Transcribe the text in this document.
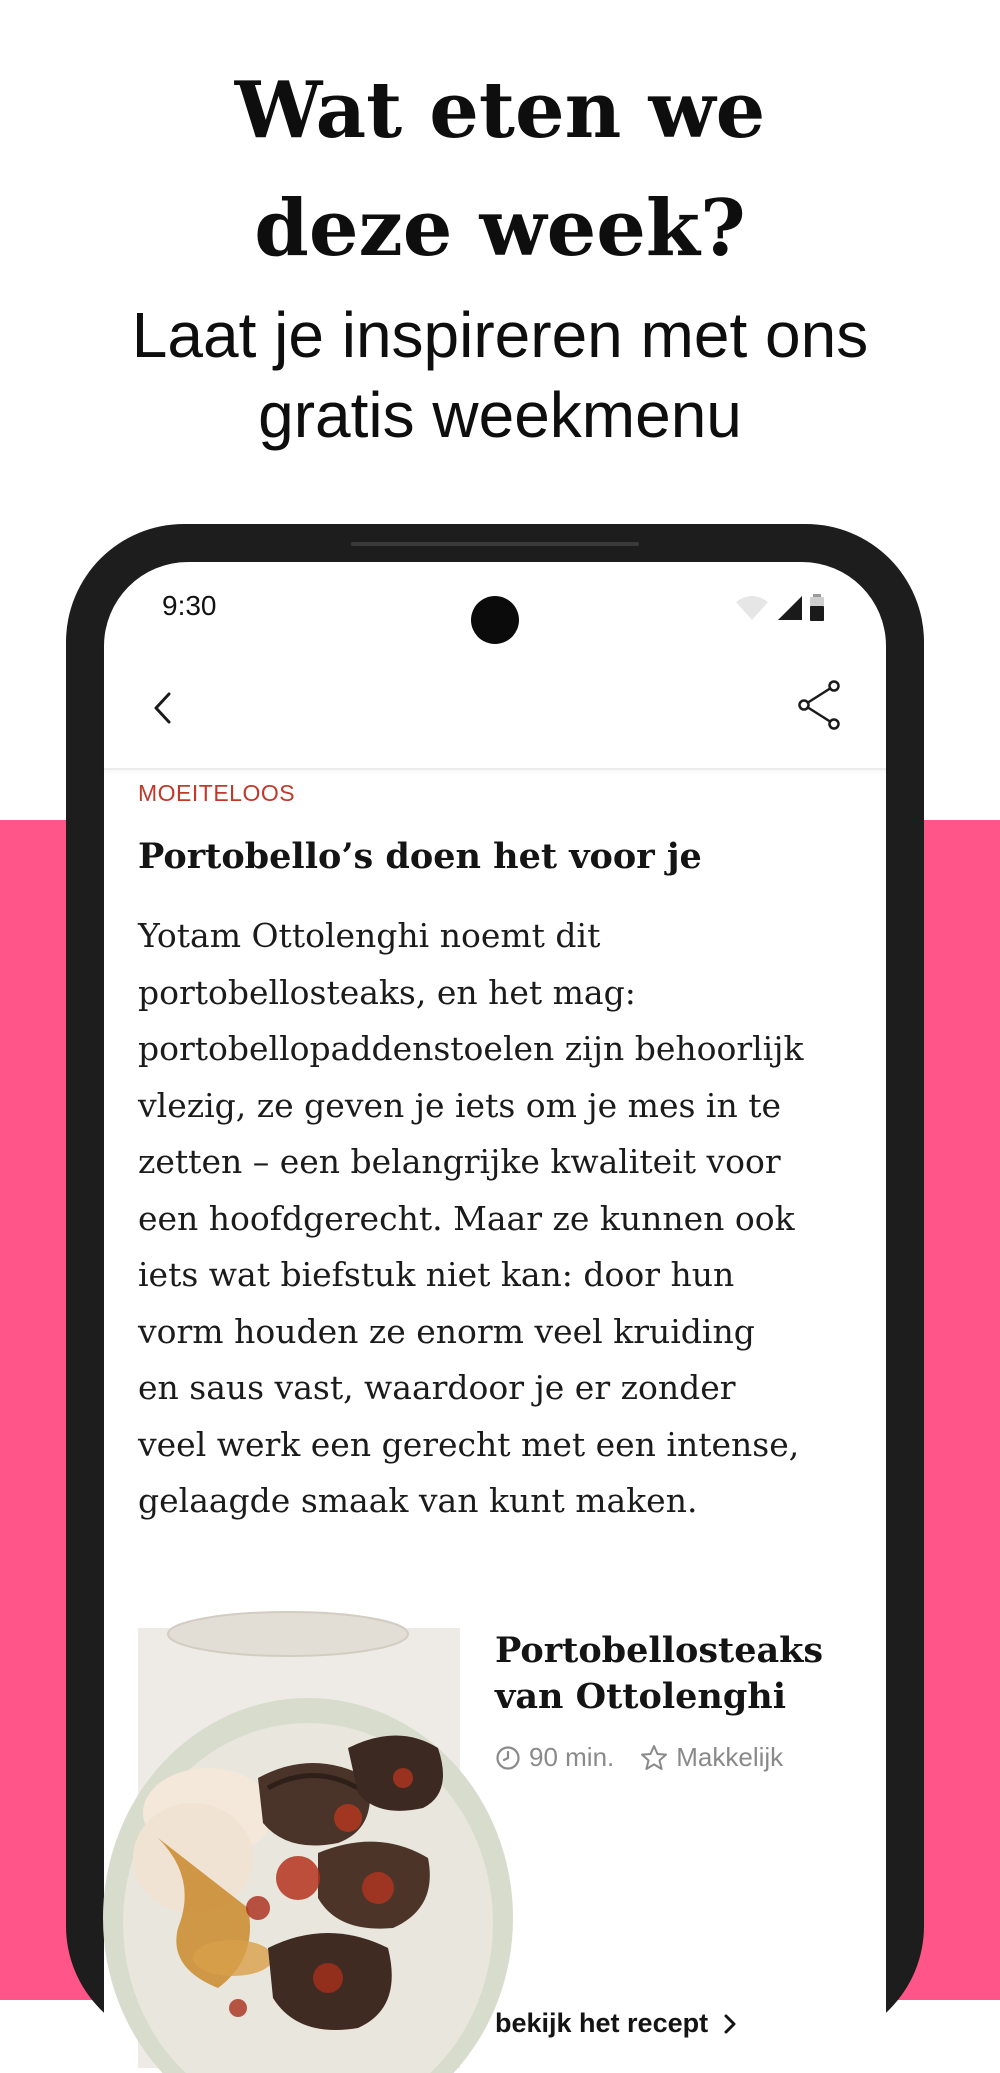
Wat eten we
deze week?
Laat je inspireren met ons
gratis weekmenu
9:30
MOEITELOOS
Portobello’s doen het voor je
Yotam Ottolenghi noemt dit
portobellosteaks, en het mag:
portobellopaddenstoelen zijn behoorlijk
vlezig, ze geven je iets om je mes in te
zetten – een belangrijke kwaliteit voor
een hoofdgerecht. Maar ze kunnen ook
iets wat biefstuk niet kan: door hun
vorm houden ze enorm veel kruiding
en saus vast, waardoor je er zonder
veel werk een gerecht met een intense,
gelaagde smaak van kunt maken.
Portobellosteaks
van Ottolenghi
90 min. Makkelijk
bekijk het recept
